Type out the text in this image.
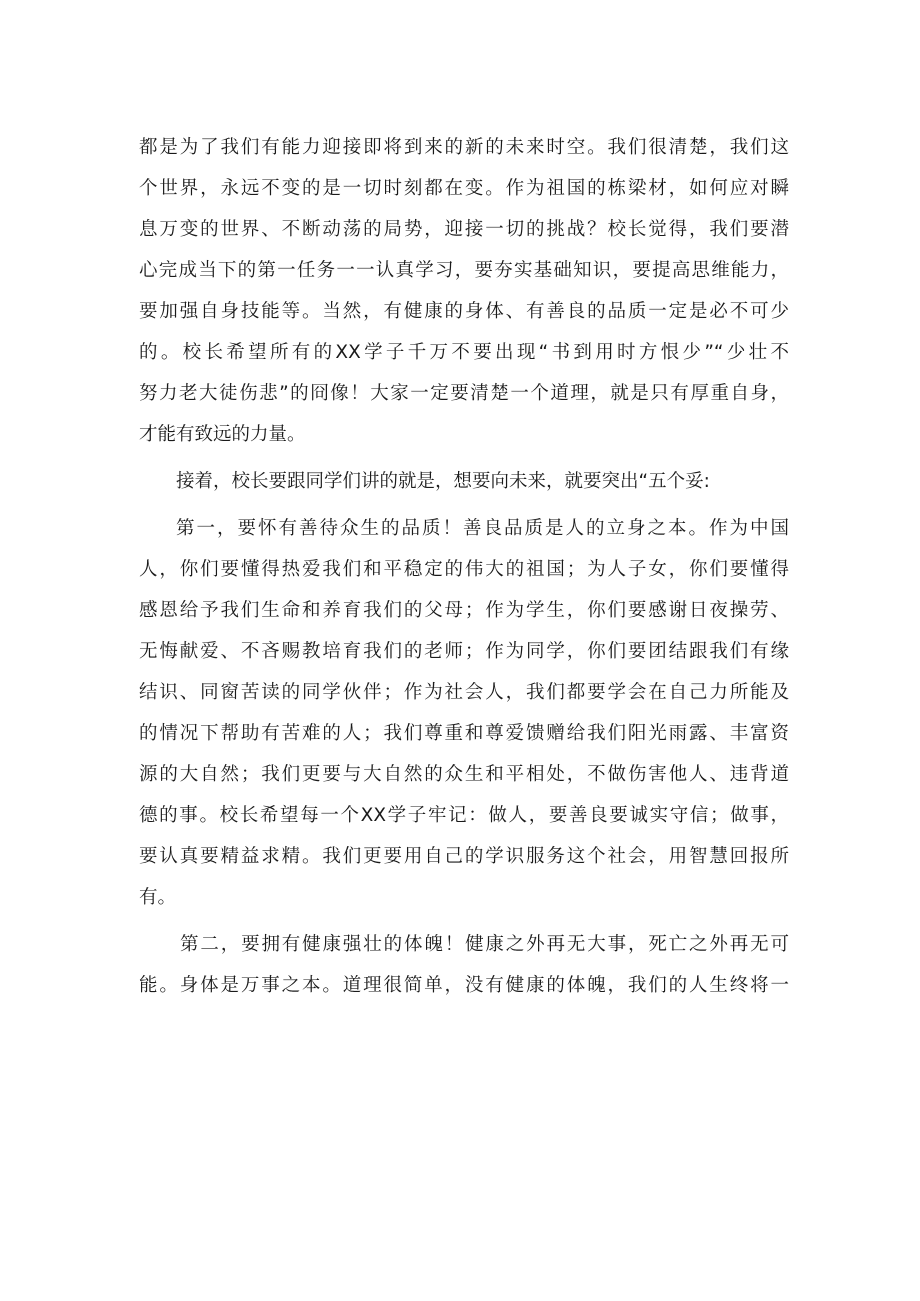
都是为了我们有能力迎接即将到来的新的未来时空。我们很清楚，我们这
个世界，永远不变的是一切时刻都在变。作为祖国的栋梁材，如何应对瞬
息万变的世界、不断动荡的局势，迎接一切的挑战？校长觉得，我们要潜
心完成当下的第一任务一一认真学习，要夯实基础知识，要提高思维能力，
要加强自身技能等。当然，有健康的身体、有善良的品质一定是必不可少
的。校长希望所有的XX学子千万不要出现“书到用时方恨少”“少壮不
努力老大徒伤悲”的冏像！大家一定要清楚一个道理，就是只有厚重自身，
才能有致远的力量。
接着，校长要跟同学们讲的就是，想要向未来，就要突出“五个妥:
第一，要怀有善待众生的品质！善良品质是人的立身之本。作为中国
人，你们要懂得热爱我们和平稳定的伟大的祖国；为人子女，你们要懂得
感恩给予我们生命和养育我们的父母；作为学生，你们要感谢日夜操劳、
无悔献爱、不吝赐教培育我们的老师；作为同学，你们要团结跟我们有缘
结识、同窗苦读的同学伙伴；作为社会人，我们都要学会在自己力所能及
的情况下帮助有苦难的人；我们尊重和尊爱馈赠给我们阳光雨露、丰富资
源的大自然；我们更要与大自然的众生和平相处，不做伤害他人、违背道
德的事。校长希望每一个XX学子牢记：做人，要善良要诚实守信；做事，
要认真要精益求精。我们更要用自己的学识服务这个社会，用智慧回报所
有。
第二，要拥有健康强壮的体魄！健康之外再无大事，死亡之外再无可
能。身体是万事之本。道理很简单，没有健康的体魄，我们的人生终将一
